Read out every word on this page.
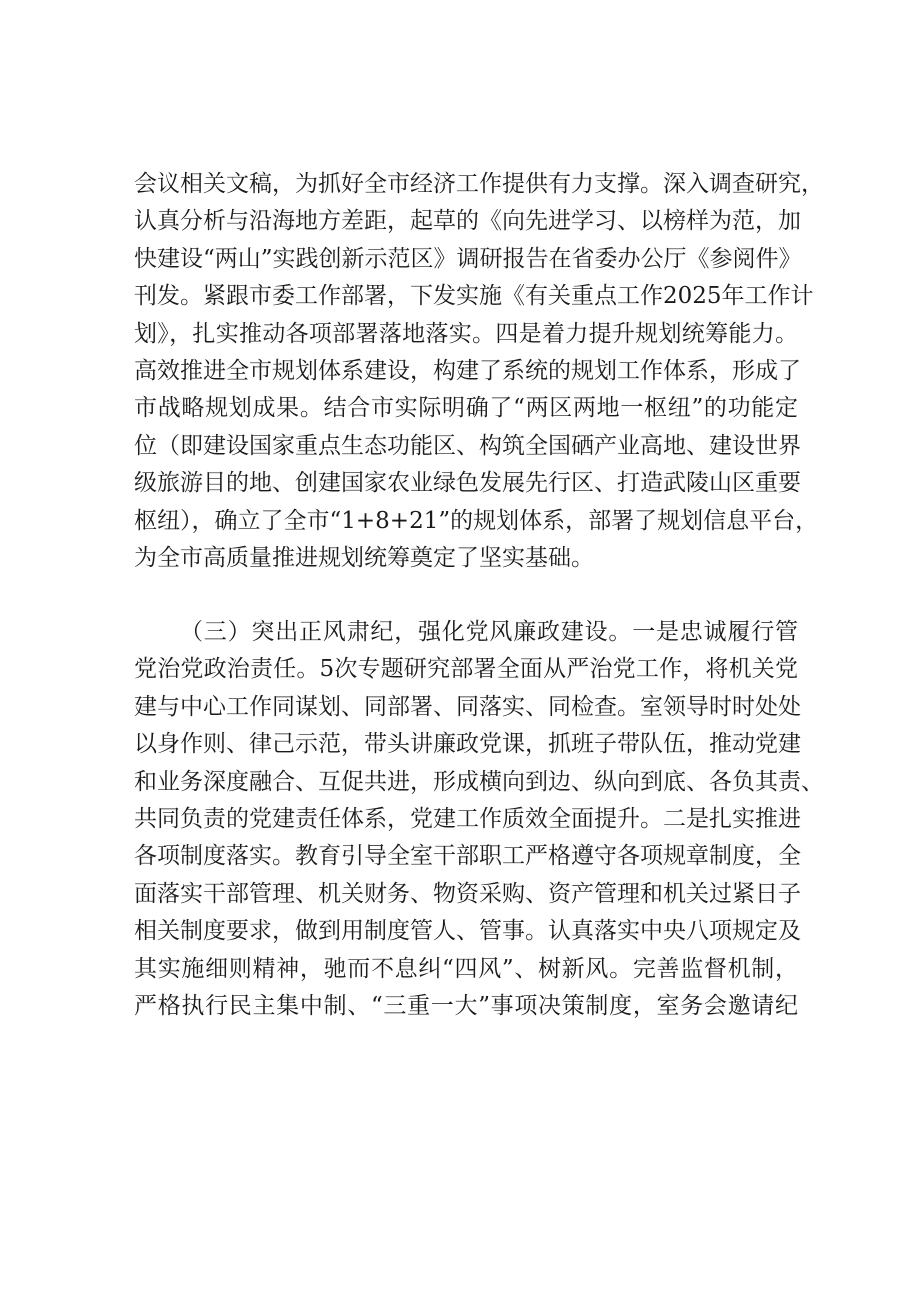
会议相关文稿，为抓好全市经济工作提供有力支撑。深入调查研究，
认真分析与沿海地方差距，起草的《向先进学习、以榜样为范，加
快建设“两山”实践创新示范区》调研报告在省委办公厅《参阅件》
刊发。紧跟市委工作部署，下发实施《有关重点工作2025年工作计
划》，扎实推动各项部署落地落实。四是着力提升规划统筹能力。
高效推进全市规划体系建设，构建了系统的规划工作体系，形成了
市战略规划成果。结合市实际明确了“两区两地一枢纽”的功能定
位（即建设国家重点生态功能区、构筑全国硒产业高地、建设世界
级旅游目的地、创建国家农业绿色发展先行区、打造武陵山区重要
枢纽），确立了全市“1+8+21”的规划体系，部署了规划信息平台，
为全市高质量推进规划统筹奠定了坚实基础。
（三）突出正风肃纪，强化党风廉政建设。一是忠诚履行管
党治党政治责任。5次专题研究部署全面从严治党工作，将机关党
建与中心工作同谋划、同部署、同落实、同检查。室领导时时处处
以身作则、律己示范，带头讲廉政党课，抓班子带队伍，推动党建
和业务深度融合、互促共进，形成横向到边、纵向到底、各负其责、
共同负责的党建责任体系，党建工作质效全面提升。二是扎实推进
各项制度落实。教育引导全室干部职工严格遵守各项规章制度，全
面落实干部管理、机关财务、物资采购、资产管理和机关过紧日子
相关制度要求，做到用制度管人、管事。认真落实中央八项规定及
其实施细则精神，驰而不息纠“四风”、树新风。完善监督机制，
严格执行民主集中制、“三重一大”事项决策制度，室务会邀请纪
